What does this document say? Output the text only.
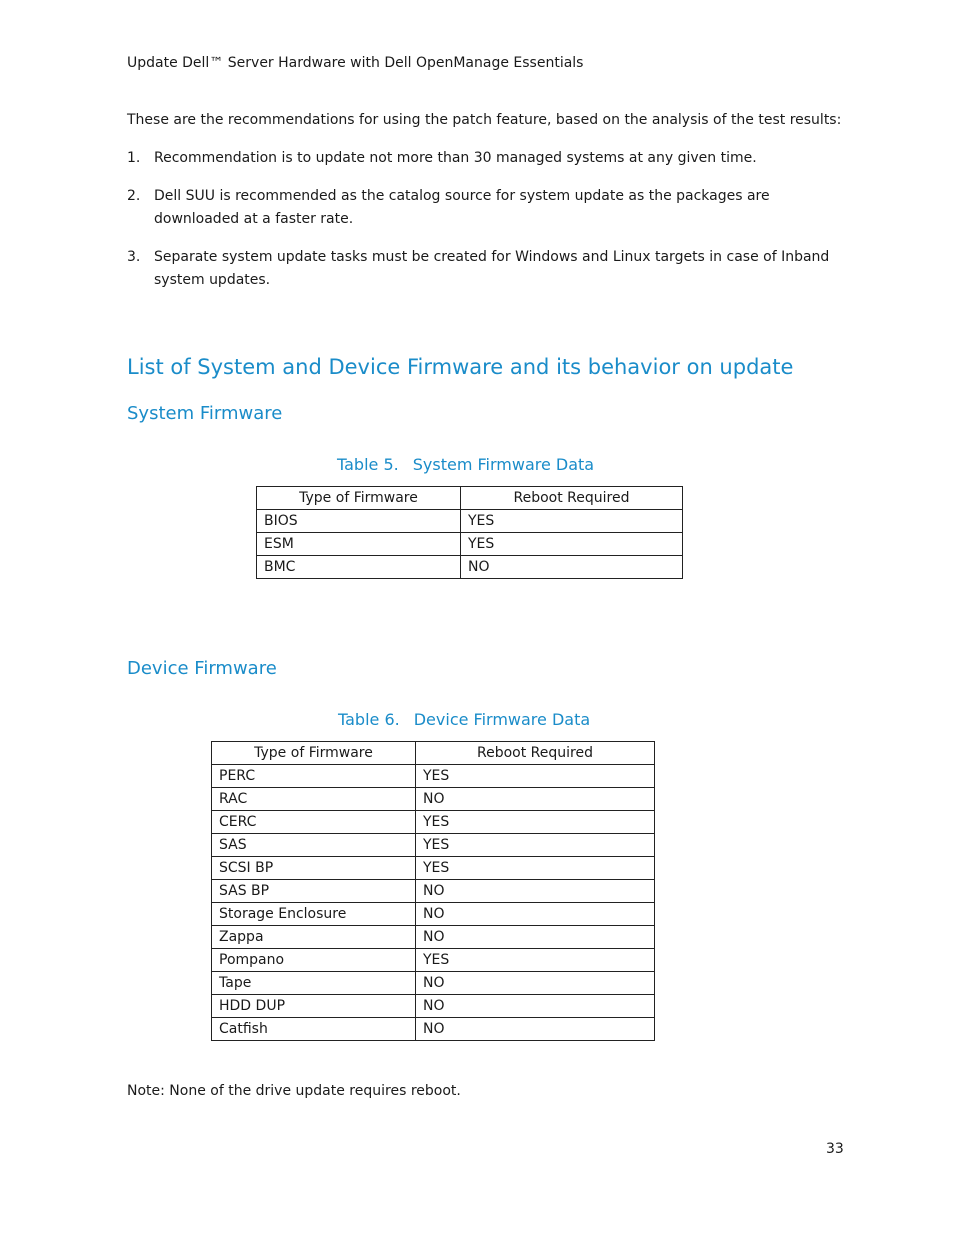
Update Dell™ Server Hardware with Dell OpenManage Essentials
These are the recommendations for using the patch feature, based on the analysis of the test results:
1. Recommendation is to update not more than 30 managed systems at any given time.
2. Dell SUU is recommended as the catalog source for system update as the packages are downloaded at a faster rate.
3. Separate system update tasks must be created for Windows and Linux targets in case of Inband system updates.
List of System and Device Firmware and its behavior on update
System Firmware
Table 5. System Firmware Data
Type of Firmware	Reboot Required
BIOS	YES
ESM	YES
BMC	NO
Device Firmware
Table 6. Device Firmware Data
Type of Firmware	Reboot Required
PERC	YES
RAC	NO
CERC	YES
SAS	YES
SCSI BP	YES
SAS BP	NO
Storage Enclosure	NO
Zappa	NO
Pompano	YES
Tape	NO
HDD DUP	NO
Catfish	NO
Note: None of the drive update requires reboot.
33
